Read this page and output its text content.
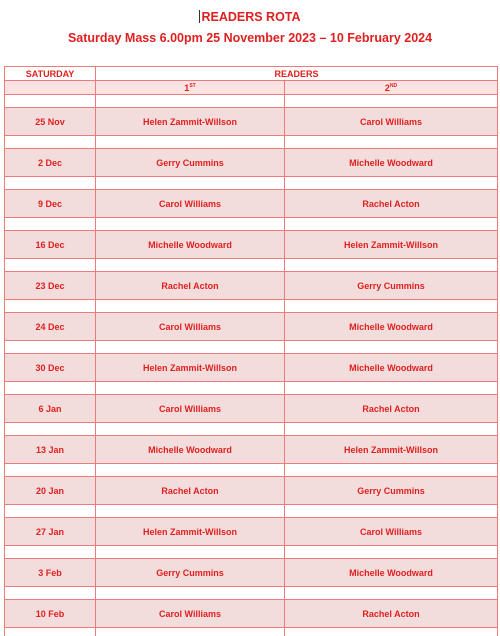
READERS ROTA
Saturday Mass 6.00pm 25 November 2023 – 10 February 2024
SATURDAY	READERS	
	1ST	2ND

25 Nov	Helen Zammit-Willson	Carol Williams

2 Dec	Gerry Cummins	Michelle Woodward

9 Dec	Carol Williams	Rachel Acton

16 Dec	Michelle Woodward	Helen Zammit-Willson

23 Dec	Rachel Acton	Gerry Cummins

24 Dec	Carol Williams	Michelle Woodward

30 Dec	Helen Zammit-Willson	Michelle Woodward

6 Jan	Carol Williams	Rachel Acton

13 Jan	Michelle Woodward	Helen Zammit-Willson

20 Jan	Rachel Acton	Gerry Cummins

27 Jan	Helen Zammit-Willson	Carol Williams

3 Feb	Gerry Cummins	Michelle Woodward

10 Feb	Carol Williams	Rachel Acton
